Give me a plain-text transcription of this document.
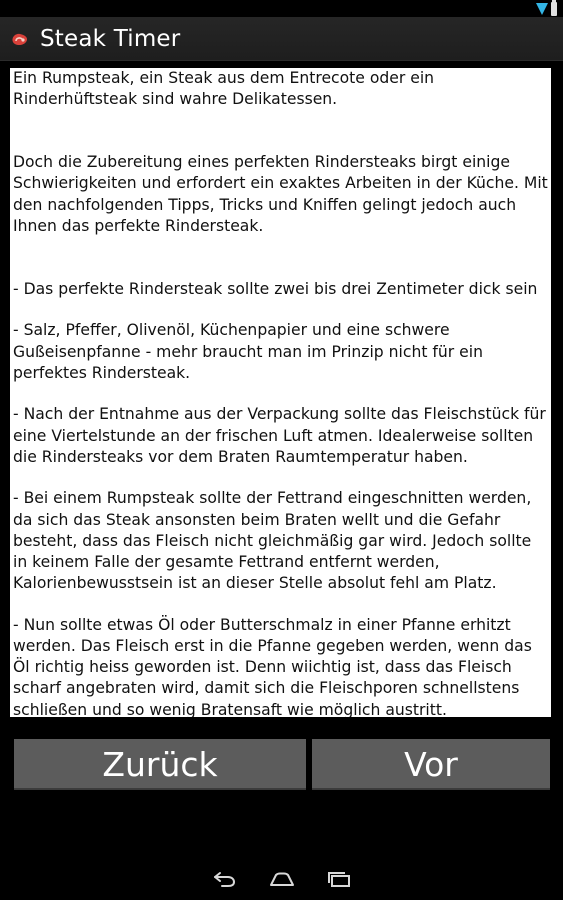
Steak Timer

Ein Rumpsteak, ein Steak aus dem Entrecote oder ein Rinderhüftsteak sind wahre Delikatessen.

Doch die Zubereitung eines perfekten Rindersteaks birgt einige Schwierigkeiten und erfordert ein exaktes Arbeiten in der Küche. Mit den nachfolgenden Tipps, Tricks und Kniffen gelingt jedoch auch Ihnen das perfekte Rindersteak.

- Das perfekte Rindersteak sollte zwei bis drei Zentimeter dick sein

- Salz, Pfeffer, Olivenöl, Küchenpapier und eine schwere Gußeisenpfanne - mehr braucht man im Prinzip nicht für ein perfektes Rindersteak.

- Nach der Entnahme aus der Verpackung sollte das Fleischstück für eine Viertelstunde an der frischen Luft atmen. Idealerweise sollten die Rindersteaks vor dem Braten Raumtemperatur haben.

- Bei einem Rumpsteak sollte der Fettrand eingeschnitten werden, da sich das Steak ansonsten beim Braten wellt und die Gefahr besteht, dass das Fleisch nicht gleichmäßig gar wird. Jedoch sollte in keinem Falle der gesamte Fettrand entfernt werden, Kalorienbewusstsein ist an dieser Stelle absolut fehl am Platz.

- Nun sollte etwas Öl oder Butterschmalz in einer Pfanne erhitzt werden. Das Fleisch erst in die Pfanne gegeben werden, wenn das Öl richtig heiss geworden ist. Denn wiichtig ist, dass das Fleisch scharf angebraten wird, damit sich die Fleischporen schnellstens schließen und so wenig Bratensaft wie möglich austritt.

Zurück	Vor
